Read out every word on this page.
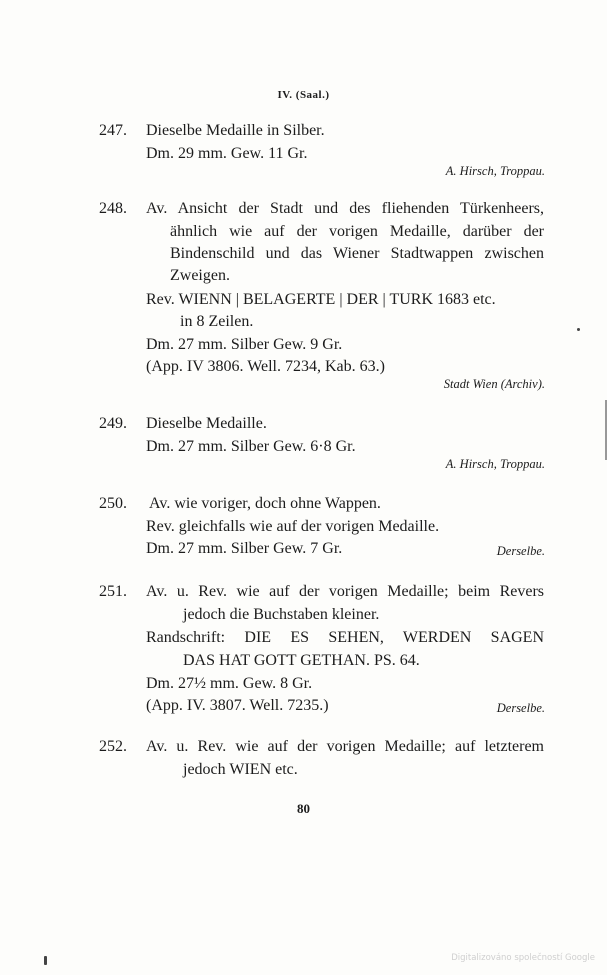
IV. (Saal.)
247. Dieselbe Medaille in Silber.
Dm. 29 mm. Gew. 11 Gr.
A. Hirsch, Troppau.
248. Av. Ansicht der Stadt und des fliehenden Türkenheers,
ähnlich wie auf der vorigen Medaille, darüber der
Bindenschild und das Wiener Stadtwappen zwischen
Zweigen.
Rev. WIENN | BELAGERTE | DER | TURK 1683 etc.
in 8 Zeilen.
Dm. 27 mm. Silber Gew. 9 Gr.
(App. IV 3806. Well. 7234, Kab. 63.)
Stadt Wien (Archiv).
249. Dieselbe Medaille.
Dm. 27 mm. Silber Gew. 6·8 Gr.
A. Hirsch, Troppau.
250. Av. wie voriger, doch ohne Wappen.
Rev. gleichfalls wie auf der vorigen Medaille.
Dm. 27 mm. Silber Gew. 7 Gr.	Derselbe.
251. Av. u. Rev. wie auf der vorigen Medaille; beim Revers
jedoch die Buchstaben kleiner.
Randschrift: DIE ES SEHEN, WERDEN SAGEN
DAS HAT GOTT GETHAN. PS. 64.
Dm. 27½ mm. Gew. 8 Gr.
(App. IV. 3807. Well. 7235.)	Derselbe.
252. Av. u. Rev. wie auf der vorigen Medaille; auf letzterem
jedoch WIEN etc.
80
Digitalizováno společností Google
